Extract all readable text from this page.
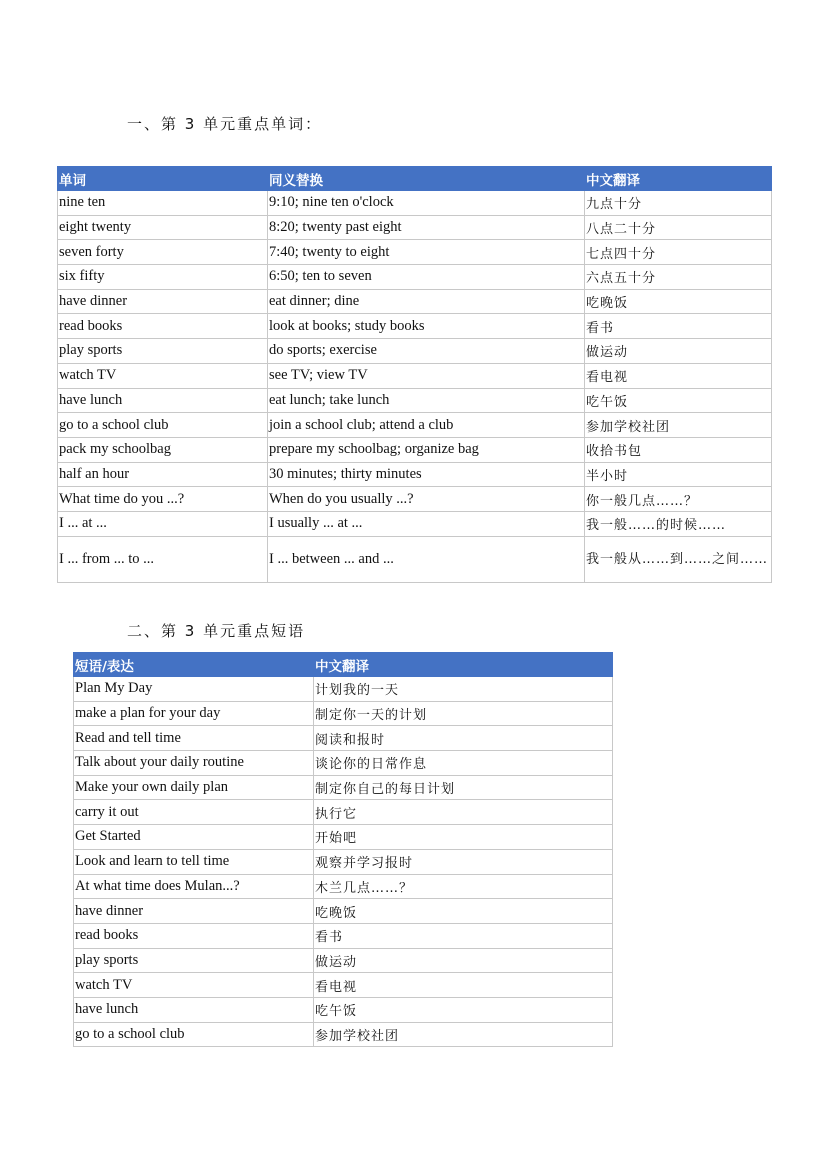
一、第 3 单元重点单词：
单词	同义替换	中文翻译
nine ten	9:10; nine ten o'clock	九点十分
eight twenty	8:20; twenty past eight	八点二十分
seven forty	7:40; twenty to eight	七点四十分
six fifty	6:50; ten to seven	六点五十分
have dinner	eat dinner; dine	吃晚饭
read books	look at books; study books	看书
play sports	do sports; exercise	做运动
watch TV	see TV; view TV	看电视
have lunch	eat lunch; take lunch	吃午饭
go to a school club	join a school club; attend a club	参加学校社团
pack my schoolbag	prepare my schoolbag; organize bag	收拾书包
half an hour	30 minutes; thirty minutes	半小时
What time do you ...?	When do you usually ...?	你一般几点……？
I ... at ...	I usually ... at ...	我一般……的时候……
I ... from ... to ...	I ... between ... and ...	我一般从……到……之间……
二、第 3 单元重点短语
短语/表达	中文翻译
Plan My Day	计划我的一天
make a plan for your day	制定你一天的计划
Read and tell time	阅读和报时
Talk about your daily routine	谈论你的日常作息
Make your own daily plan	制定你自己的每日计划
carry it out	执行它
Get Started	开始吧
Look and learn to tell time	观察并学习报时
At what time does Mulan...?	木兰几点……？
have dinner	吃晚饭
read books	看书
play sports	做运动
watch TV	看电视
have lunch	吃午饭
go to a school club	参加学校社团
